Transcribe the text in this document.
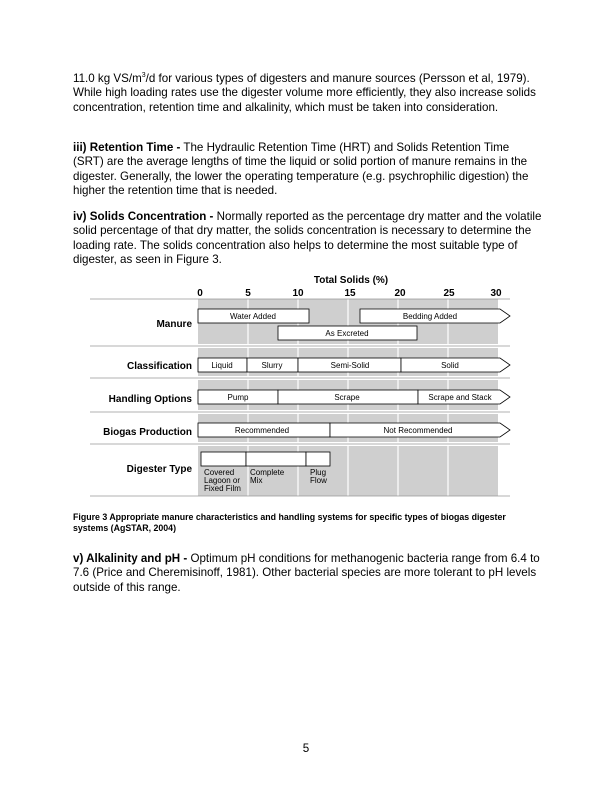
11.0 kg $VS/m^3/d$ for various types of digesters and manure sources (Persson et al, 1979). While high loading rates use the digester volume more efficiently, they also increase solids concentration, retention time and alkalinity, which must be taken into consideration.
iii) Retention Time - The Hydraulic Retention Time (HRT) and Solids Retention Time (SRT) are the average lengths of time the liquid or solid portion of manure remains in the digester. Generally, the lower the operating temperature (e.g. psychrophilic digestion) the higher the retention time that is needed.
iv) Solids Concentration - Normally reported as the percentage dry matter and the volatile solid percentage of that dry matter, the solids concentration is necessary to determine the loading rate. The solids concentration also helps to determine the most suitable type of digester, as seen in Figure 3.
Total Solids (%)
0	5	10	15	20	25	30
Manure
Classification
Handling Options
Biogas Production
Digester Type
Water Added	Bedding Added
As Excreted
Liquid	Slurry	Semi-Solid	Solid
Pump	Scrape	Scrape and Stack
Recommended	Not Recommended
Covered
Lagoon or
Fixed Film
Complete
Mix
Plug
Flow
Figure 3 Appropriate manure characteristics and handling systems for specific types of biogas digester systems (AgSTAR, 2004)
v) Alkalinity and pH - Optimum pH conditions for methanogenic bacteria range from 6.4 to 7.6 (Price and Cheremisinoff, 1981). Other bacterial species are more tolerant to pH levels outside of this range.
5
